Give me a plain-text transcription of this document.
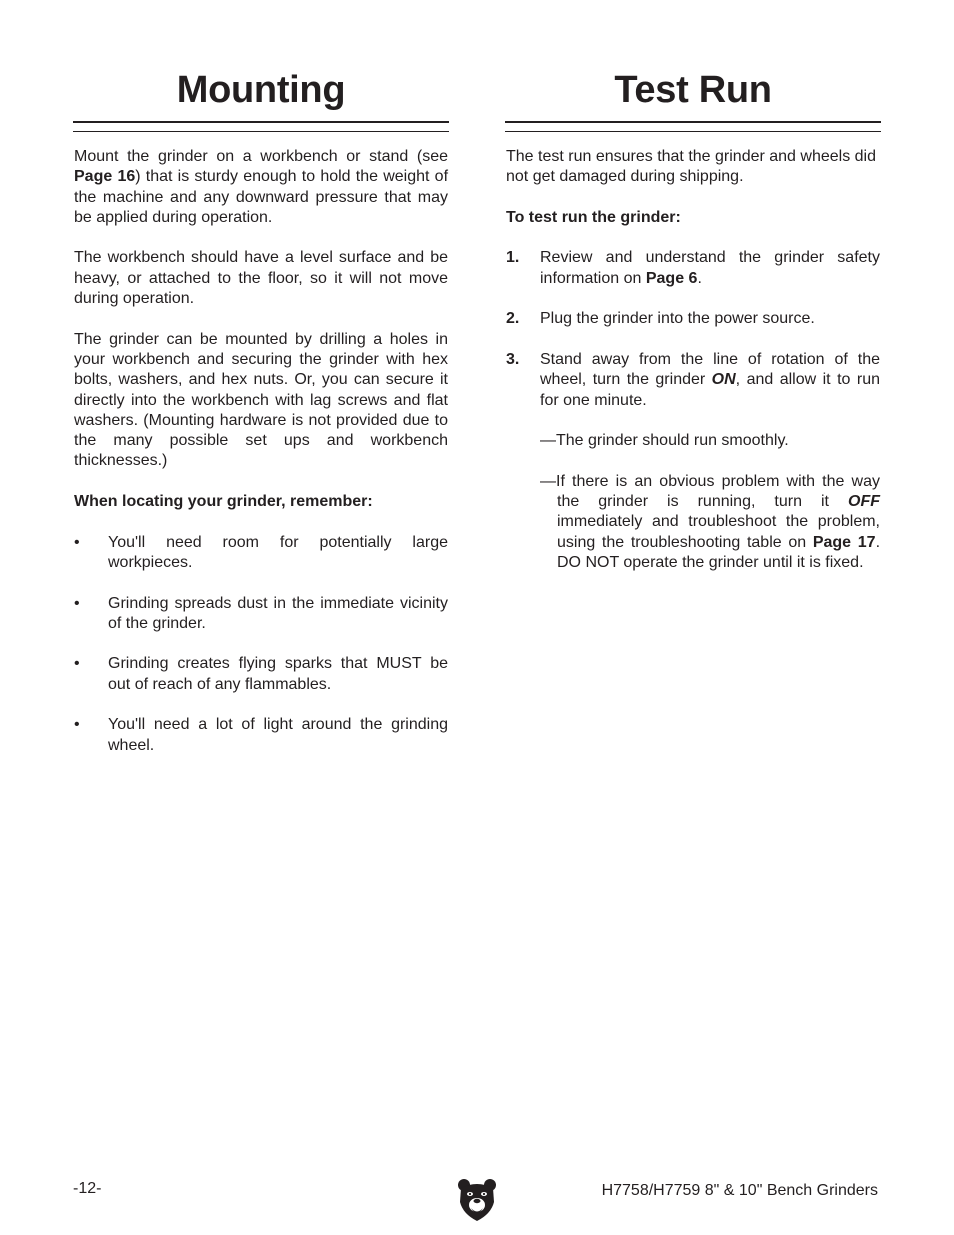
Mounting

Mount the grinder on a workbench or stand (see Page 16) that is sturdy enough to hold the weight of the machine and any downward pressure that may be applied during operation.

The workbench should have a level surface and be heavy, or attached to the floor, so it will not move during operation.

The grinder can be mounted by drilling a holes in your workbench and securing the grinder with hex bolts, washers, and hex nuts. Or, you can secure it directly into the workbench with lag screws and flat washers. (Mounting hardware is not provided due to the many possible set ups and workbench thicknesses.)

When locating your grinder, remember:

• You'll need room for potentially large workpieces.
• Grinding spreads dust in the immediate vicinity of the grinder.
• Grinding creates flying sparks that MUST be out of reach of any flammables.
• You'll need a lot of light around the grinding wheel.
Test Run

The test run ensures that the grinder and wheels did not get damaged during shipping.

To test run the grinder:

1. Review and understand the grinder safety information on Page 6.
2. Plug the grinder into the power source.
3. Stand away from the line of rotation of the wheel, turn the grinder ON, and allow it to run for one minute.
—The grinder should run smoothly.
—If there is an obvious problem with the way the grinder is running, turn it OFF immediately and troubleshoot the problem, using the troubleshooting table on Page 17. DO NOT operate the grinder until it is fixed.
-12-	H7758/H7759 8" & 10" Bench Grinders
